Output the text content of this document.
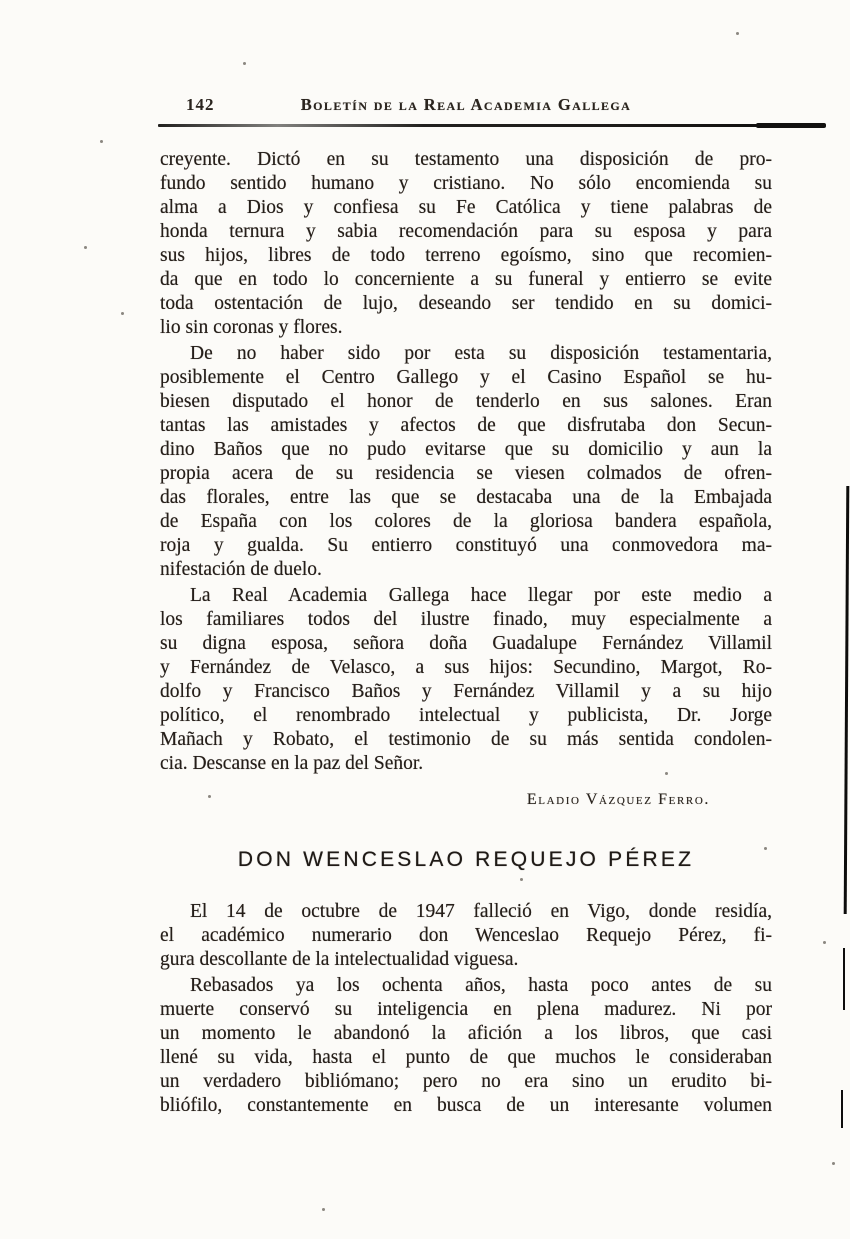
142	Boletín de la Real Academia Gallega
creyente. Dictó en su testamento una disposición de pro-
fundo sentido humano y cristiano. No sólo encomienda su
alma a Dios y confiesa su Fe Católica y tiene palabras de
honda ternura y sabia recomendación para su esposa y para
sus hijos, libres de todo terreno egoísmo, sino que recomien-
da que en todo lo concerniente a su funeral y entierro se evite
toda ostentación de lujo, deseando ser tendido en su domici-
lio sin coronas y flores.
De no haber sido por esta su disposición testamentaria,
posiblemente el Centro Gallego y el Casino Español se hu-
biesen disputado el honor de tenderlo en sus salones. Eran
tantas las amistades y afectos de que disfrutaba don Secun-
dino Baños que no pudo evitarse que su domicilio y aun la
propia acera de su residencia se viesen colmados de ofren-
das florales, entre las que se destacaba una de la Embajada
de España con los colores de la gloriosa bandera española,
roja y gualda. Su entierro constituyó una conmovedora ma-
nifestación de duelo.
La Real Academia Gallega hace llegar por este medio a
los familiares todos del ilustre finado, muy especialmente a
su digna esposa, señora doña Guadalupe Fernández Villamil
y Fernández de Velasco, a sus hijos: Secundino, Margot, Ro-
dolfo y Francisco Baños y Fernández Villamil y a su hijo
político, el renombrado intelectual y publicista, Dr. Jorge
Mañach y Robato, el testimonio de su más sentida condolen-
cia. Descanse en la paz del Señor.
Eladio Vázquez Ferro.
DON WENCESLAO REQUEJO PÉREZ
El 14 de octubre de 1947 falleció en Vigo, donde residía,
el académico numerario don Wenceslao Requejo Pérez, fi-
gura descollante de la intelectualidad viguesa.
Rebasados ya los ochenta años, hasta poco antes de su
muerte conservó su inteligencia en plena madurez. Ni por
un momento le abandonó la afición a los libros, que casi
llené su vida, hasta el punto de que muchos le consideraban
un verdadero bibliómano; pero no era sino un erudito bi-
bliófilo, constantemente en busca de un interesante volumen
